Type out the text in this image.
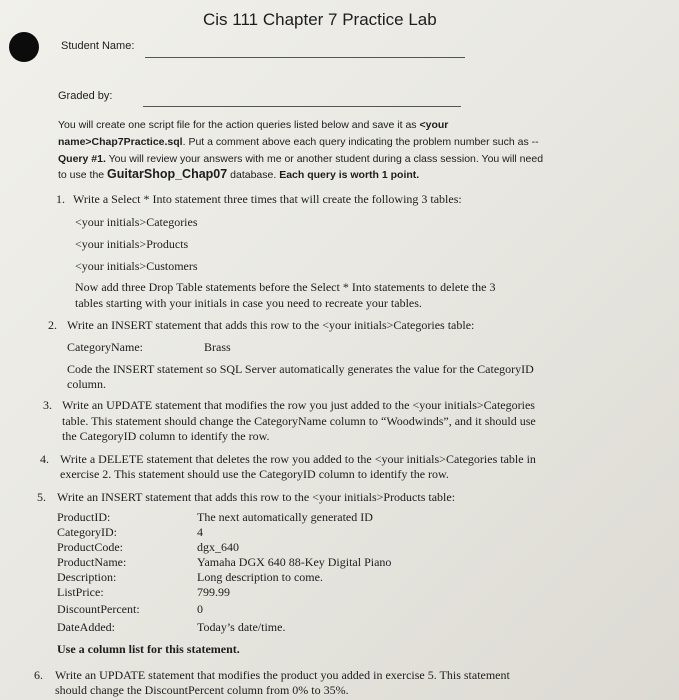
Cis 111 Chapter 7 Practice Lab
Student Name:
Graded by:
You will create one script file for the action queries listed below and save it as <your
name>Chap7Practice.sql. Put a comment above each query indicating the problem number such as --
Query #1. You will review your answers with me or another student during a class session. You will need
to use the GuitarShop_Chap07 database. Each query is worth 1 point.
1. Write a Select * Into statement three times that will create the following 3 tables:
<your initials>Categories
<your initials>Products
<your initials>Customers
Now add three Drop Table statements before the Select * Into statements to delete the 3
tables starting with your initials in case you need to recreate your tables.
2. Write an INSERT statement that adds this row to the <your initials>Categories table:
CategoryName:	Brass
Code the INSERT statement so SQL Server automatically generates the value for the CategoryID
column.
3. Write an UPDATE statement that modifies the row you just added to the <your initials>Categories
table. This statement should change the CategoryName column to “Woodwinds”, and it should use
the CategoryID column to identify the row.
4. Write a DELETE statement that deletes the row you added to the <your initials>Categories table in
exercise 2. This statement should use the CategoryID column to identify the row.
5. Write an INSERT statement that adds this row to the <your initials>Products table:
ProductID:	The next automatically generated ID
CategoryID:	4
ProductCode:	dgx_640
ProductName:	Yamaha DGX 640 88-Key Digital Piano
Description:	Long description to come.
ListPrice:	799.99
DiscountPercent:	0
DateAdded:	Today’s date/time.
Use a column list for this statement.
6. Write an UPDATE statement that modifies the product you added in exercise 5. This statement
should change the DiscountPercent column from 0% to 35%.
